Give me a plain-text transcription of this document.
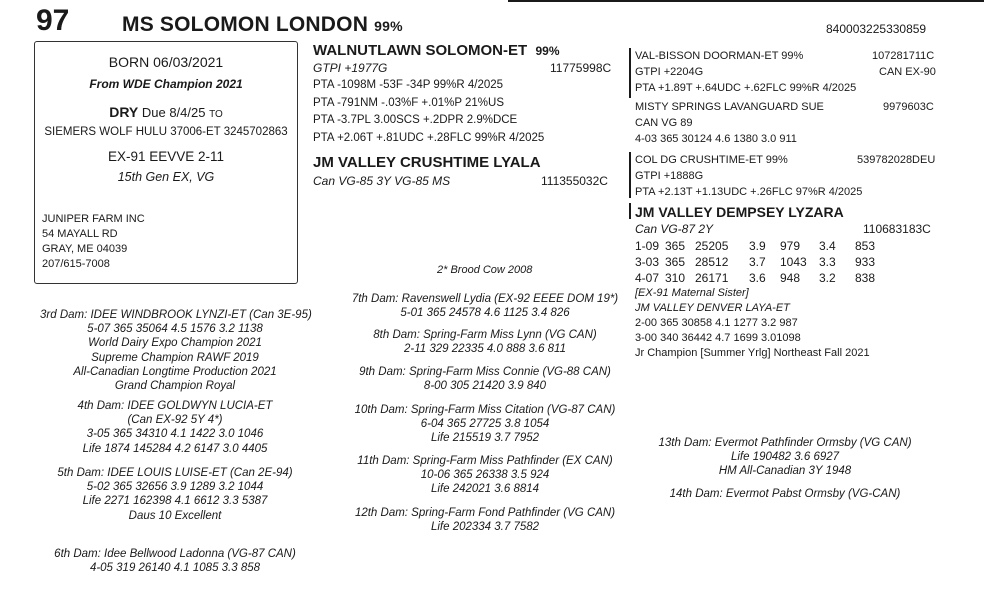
97	MS SOLOMON LONDON 99%	840003225330859
BORN 06/03/2021
From WDE Champion 2021
DRY Due 8/4/25 TO
SIEMERS WOLF HULU 37006-ET 3245702863
EX-91 EEVVE 2-11
15th Gen EX, VG
JUNIPER FARM INC
54 MAYALL RD
GRAY, ME 04039
207/615-7008
WALNUTLAWN SOLOMON-ET 99%
GTPI +1977G	11775998C
PTA -1098M -53F -34P 99%R 4/2025
PTA -791NM -.03%F +.01%P 21%US
PTA -3.7PL 3.00SCS +.2DPR 2.9%DCE
PTA +2.06T +.81UDC +.28FLC 99%R 4/2025
JM VALLEY CRUSHTIME LYALA
Can VG-85 3Y VG-85 MS	111355032C
2* Brood Cow 2008
VAL-BISSON DOORMAN-ET 99%	107281711C
GTPI +2204G	CAN EX-90
PTA +1.89T +.64UDC +.62FLC 99%R 4/2025
MISTY SPRINGS LAVANGUARD SUE	9979603C
CAN VG 89
4-03 365 30124 4.6 1380 3.0 911
COL DG CRUSHTIME-ET 99%	539782028DEU
GTPI +1888G
PTA +2.13T +1.13UDC +.26FLC 97%R 4/2025
JM VALLEY DEMPSEY LYZARA
Can VG-87 2Y	110683183C
1-09	365	25205	3.9	979	3.4	853
3-03	365	28512	3.7	1043	3.3	933
4-07	310	26171	3.6	948	3.2	838
[EX-91 Maternal Sister]
JM VALLEY DENVER LAYA-ET
2-00 365 30858 4.1 1277 3.2 987
3-00 340 36442 4.7 1699 3.01098
Jr Champion [Summer Yrlg] Northeast Fall 2021
3rd Dam: IDEE WINDBROOK LYNZI-ET (Can 3E-95)
5-07 365 35064 4.5 1576 3.2 1138
World Dairy Expo Champion 2021
Supreme Champion RAWF 2019
All-Canadian Longtime Production 2021
Grand Champion Royal
4th Dam: IDEE GOLDWYN LUCIA-ET
(Can EX-92 5Y 4*)
3-05 365 34310 4.1 1422 3.0 1046
Life 1874 145284 4.2 6147 3.0 4405
5th Dam: IDEE LOUIS LUISE-ET (Can 2E-94)
5-02 365 32656 3.9 1289 3.2 1044
Life 2271 162398 4.1 6612 3.3 5387
Daus 10 Excellent
6th Dam: Idee Bellwood Ladonna (VG-87 CAN)
4-05 319 26140 4.1 1085 3.3 858
7th Dam: Ravenswell Lydia (EX-92 EEEE DOM 19*)
5-01 365 24578 4.6 1125 3.4 826
8th Dam: Spring-Farm Miss Lynn (VG CAN)
2-11 329 22335 4.0 888 3.6 811
9th Dam: Spring-Farm Miss Connie (VG-88 CAN)
8-00 305 21420 3.9 840
10th Dam: Spring-Farm Miss Citation (VG-87 CAN)
6-04 365 27725 3.8 1054
Life 215519 3.7 7952
11th Dam: Spring-Farm Miss Pathfinder (EX CAN)
10-06 365 26338 3.5 924
Life 242021 3.6 8814
12th Dam: Spring-Farm Fond Pathfinder (VG CAN)
Life 202334 3.7 7582
13th Dam: Evermot Pathfinder Ormsby (VG CAN)
Life 190482 3.6 6927
HM All-Canadian 3Y 1948
14th Dam: Evermot Pabst Ormsby (VG-CAN)
